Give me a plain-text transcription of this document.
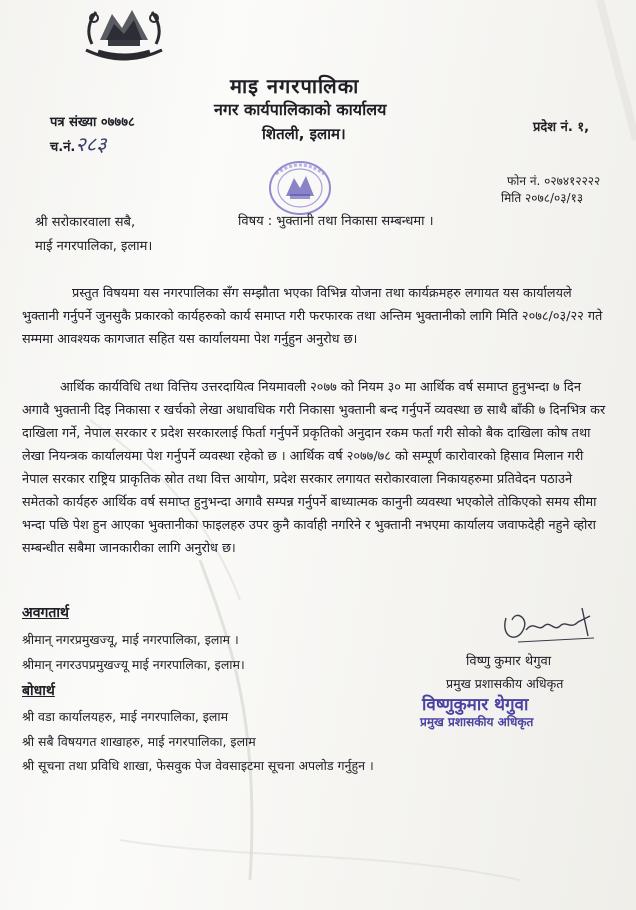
माइ नगरपालिका
नगर कार्यपालिकाको कार्यालय
शितली, इलाम।
पत्र संख्या ०७७७८
च.नं.२८३
प्रदेश नं. १,
फोन नं. ०२७४१२२२२
मिति २०७८/०३/१३
विषय : भुक्तानी तथा निकासा सम्बन्धमा ।
श्री सरोकारवाला सबै,
माई नगरपालिका, इलाम।
प्रस्तुत विषयमा यस नगरपालिका सँग सम्झौता भएका विभिन्न योजना तथा कार्यक्रमहरु लगायत यस कार्यालयले भुक्तानी गर्नुपर्ने जुनसुकै प्रकारको कार्यहरुको कार्य समाप्त गरी फरफारक तथा अन्तिम भुक्तानीको लागि मिति २०७८/०३/२२ गते सम्ममा आवश्यक कागजात सहित यस कार्यालयमा पेश गर्नुहुन अनुरोध छ।
आर्थिक कार्यविधि तथा वित्तिय उत्तरदायित्व नियमावली २०७७ को नियम ३० मा आर्थिक वर्ष समाप्त हुनुभन्दा ७ दिन अगावै भुक्तानी दिइ निकासा र खर्चको लेखा अधावधिक गरी निकासा भुक्तानी बन्द गर्नुपर्ने व्यवस्था छ साथै बाँकी ७ दिनभित्र कर दाखिला गर्ने, नेपाल सरकार र प्रदेश सरकारलाई फिर्ता गर्नुपर्ने प्रकृतिको अनुदान रकम फर्ता गरी सोको बैक दाखिला कोष तथा लेखा नियन्त्रक कार्यालयमा पेश गर्नुपर्ने व्यवस्था रहेको छ । आर्थिक वर्ष २०७७/७८ को सम्पूर्ण कारोवारको हिसाव मिलान गरी नेपाल सरकार राष्ट्रिय प्राकृतिक स्रोत तथा वित्त आयोग, प्रदेश सरकार लगायत सरोकारवाला निकायहरुमा प्रतिवेदन पठाउने समेतको कार्यहरु आर्थिक वर्ष समाप्त हुनुभन्दा अगावै सम्पन्न गर्नुपर्ने बाध्यात्मक कानुनी व्यवस्था भएकोले तोकिएको समय सीमा भन्दा पछि पेश हुन आएका भुक्तानीका फाइलहरु उपर कुनै कार्वाही नगरिने र भुक्तानी नभएमा कार्यालय जवाफदेही नहुने व्होरा सम्बन्धीत सबैमा जानकारीका लागि अनुरोध छ।
अवगतार्थ
श्रीमान् नगरप्रमुखज्यू, माई नगरपालिका, इलाम ।
श्रीमान् नगरउपप्रमुखज्यू माई नगरपालिका, इलाम।
बोधार्थ
श्री वडा कार्यालयहरु, माई नगरपालिका, इलाम
श्री सबै विषयगत शाखाहरु, माई नगरपालिका, इलाम
श्री सूचना तथा प्रविधि शाखा, फेसवुक पेज वेवसाइटमा सूचना अपलोड गर्नुहुन ।
विष्णु कुमार थेगुवा
प्रमुख प्रशासकीय अधिकृत
विष्णुकुमार थेगुवा
प्रमुख प्रशासकीय अधिकृत
